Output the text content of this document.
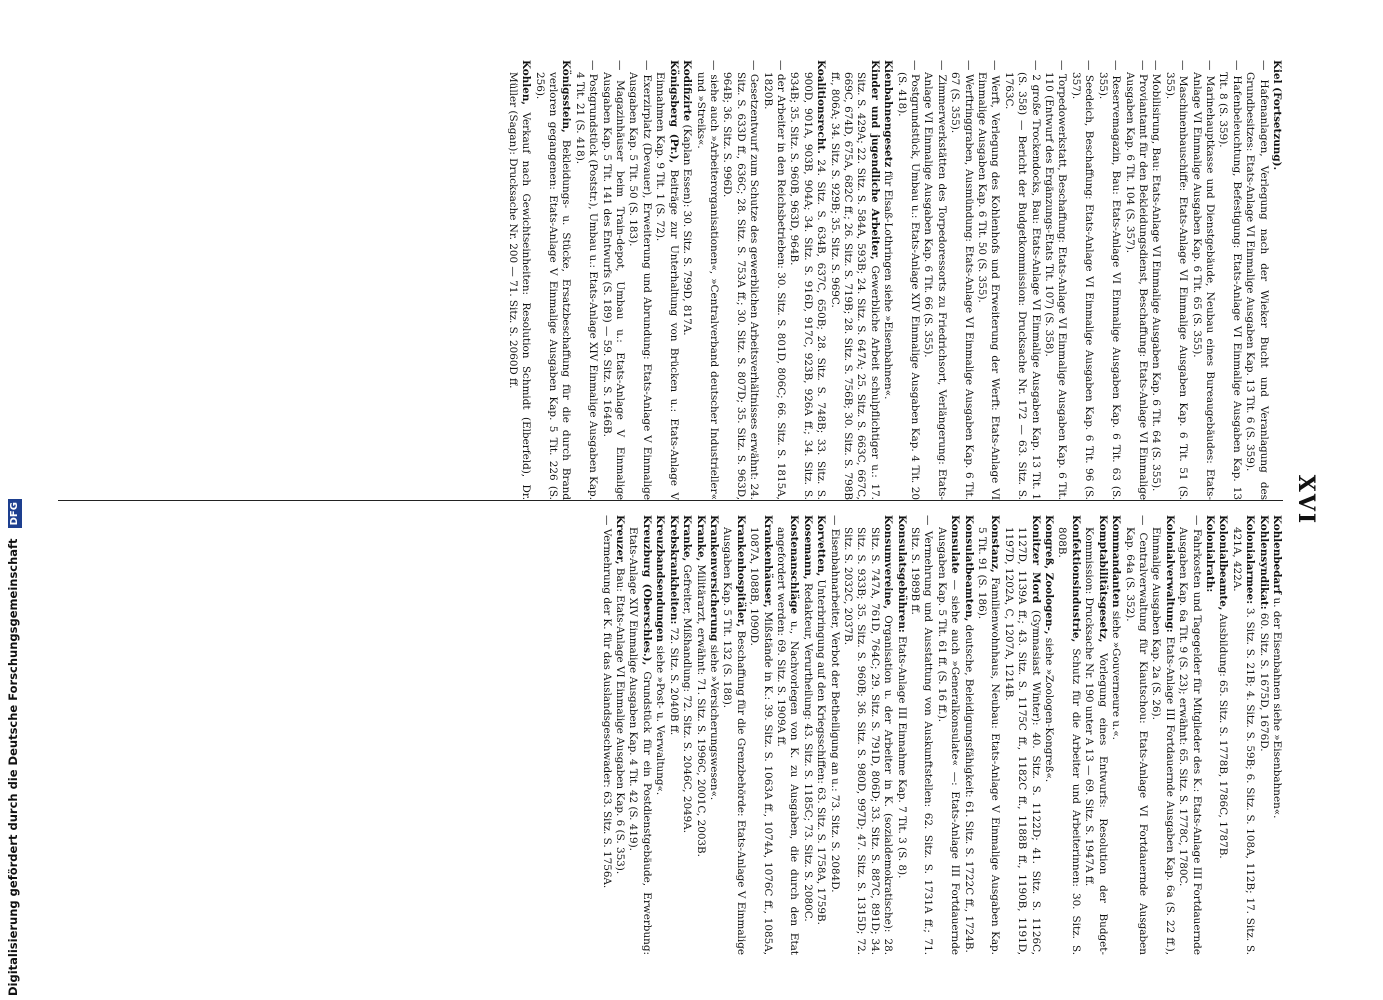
XVI

Kiel (Fortsetzung).

— Hafenanlagen, Verlegung nach der Wieker Bucht und Veranlagung des Grundbesitzes: Etats-Anlage VI Einmalige Ausgaben Kap. 13 Tit. 6 (S. 359).

— Hafenbeleuchtung, Befestigung: Etats-Anlage VI Einmalige Ausgaben Kap. 13 Tit. 8 (S. 359).

— Marinehauptkasse und Dienstgebäude, Neubau eines Bureaugebäudes: Etats-Anlage VI Einmalige Ausgaben Kap. 6 Tit. 65 (S. 355).

— Maschinenbauschiffe: Etats-Anlage VI Einmalige Ausgaben Kap. 6 Tit. 51 (S. 355).

— Mobilisirung, Bau: Etats-Anlage VI Einmalige Ausgaben Kap. 6 Tit. 64 (S. 355).

— Proviantamt für den Bekleidungsdienst, Beschaffung: Etats-Anlage VI Einmalige Ausgaben Kap. 6 Tit. 104 (S. 357).

— Reservemagazin, Bau: Etats-Anlage VI Einmalige Ausgaben Kap. 6 Tit. 63 (S. 355).

— Seedeich, Beschaffung: Etats-Anlage VI Einmalige Ausgaben Kap. 6 Tit. 96 (S. 357).

— Torpedowerkstatt, Beschaffung: Etats-Anlage VI Einmalige Ausgaben Kap. 6 Tit. 110 (Entwurf des Ergänzungs-Etats Tit. 107) (S. 358).

— 2 große Trockendocks, Bau: Etats-Anlage VI Einmalige Ausgaben Kap. 13 Tit. 1 (S. 358) — Bericht der Budgetkommission: Drucksache Nr. 172 — 63. Sitz. S. 1763C.

— Werft, Verlegung des Kohlenhofs und Erweiterung der Werft: Etats-Anlage VI Einmalige Ausgaben Kap. 6 Tit. 50 (S. 355).

— Werftringgraben, Ausmündung: Etats-Anlage VI Einmalige Ausgaben Kap. 6 Tit. 67 (S. 355).

— Zimmerwerkstätten des Torpedoressorts zu Friedrichsort, Verlängerung: Etats-Anlage VI Einmalige Ausgaben Kap. 6 Tit. 66 (S. 355).

— Postgrundstück, Umbau u.: Etats-Anlage XIV Einmalige Ausgaben Kap. 4 Tit. 20 (S. 418).

Kienbahnengesetz für Elsaß-Lothringen siehe »Eisenbahnen«.

Kinder und jugendliche Arbeiter, Gewerbliche Arbeit schulpflichtiger u.: 17. Sitz. S. 429A; 22. Sitz. S. 584A, 593B; 24. Sitz. S. 647A; 25. Sitz. S. 663C, 667C, 669C, 674D, 675A, 682C ff.; 26. Sitz. S. 719B; 28. Sitz. S. 756B; 30. Sitz. S. 798B ff., 806A; 34. Sitz. S. 929B; 35. Sitz. S. 969C.

Koalitionsrecht. 24. Sitz. S. 634B, 637C, 650B; 28. Sitz. S. 748B; 33. Sitz. S. 900D, 901A, 903B, 904A; 34. Sitz. S. 916D, 917C, 923B, 926A ff.; 34. Sitz. S. 934B; 35. Sitz. S. 960B, 963D, 964B.

— der Arbeiter in den Reichsbetrieben: 30. Sitz. S. 801D, 806C; 66. Sitz. S. 1815A, 1820B.

— Gesetzentwurf zum Schutze des gewerblichen Arbeitsverhältnisses erwähnt: 24. Sitz. S. 633D ff., 636C; 28. Sitz. S. 753A ff.; 30. Sitz. S. 807D; 35. Sitz. S. 963D, 964B; 36. Sitz. S. 996D.

— siehe auch »Arbeiterorganisationen«, »Centralverband deutscher Industrieller« und »Streiks«.

Kodifizirte (Kaplan Essen): 30. Sitz. S. 799D, 817A.

Königsberg (Pr.), Beiträge zur Unterhaltung von Brücken u.: Etats-Anlage V Einnahmen Kap. 9 Tit. 1 (S. 72).

— Exerzirplatz (Devauer), Erweiterung und Abrundung: Etats-Anlage V Einmalige Ausgaben Kap. 5 Tit. 50 (S. 183).

— Magazinhäuser beim Train-depot, Umbau u.: Etats-Anlage V Einmalige Ausgaben Kap. 5 Tit. 141 des Entwurfs (S. 189) — 59. Sitz. S. 1646B.

— Postgrundstück (Poststr.), Umbau u.: Etats-Anlage XIV Einmalige Ausgaben Kap. 4 Tit. 21 (S. 418).

Königsstein, Bekleidungs- u. Stücke, Ersatzbeschaffung für die durch Brand verloren gegangenen: Etats-Anlage V Einmalige Ausgaben Kap. 5 Tit. 226 (S. 256).

Kohlen, Verkauf nach Gewichtseinheiten: Resolution Schmidt (Elberfeld), Dr. Müller (Sagan): Drucksache Nr. 200 — 71. Sitz. S. 2060D ff.

Kohlenbedarf u. der Eisenbahnen siehe »Eisenbahnen«.

Kohlensyndikat: 60. Sitz. S. 1675D, 1676D.

Kolonialarmee: 3. Sitz. S. 21B; 4. Sitz. S. 59B; 6. Sitz. S. 108A, 112B; 17. Sitz. S. 421A, 422A.

Kolonialbeamte, Ausbildung: 65. Sitz. S. 1778B, 1786C, 1787B.

Kolonialrath:

— Fahrkosten und Tagegelder für Mitglieder des K.: Etats-Anlage III Fortdauernde Ausgaben Kap. 6a Tit. 9 (S. 23); erwähnt: 65. Sitz. S. 1778C, 1780C.

Kolonialverwaltung: Etats-Anlage III Fortdauernde Ausgaben Kap. 6a (S. 22 ff.), Einmalige Ausgaben Kap. 2a (S. 26).

— Centralverwaltung für Kiautschou: Etats-Anlage VI Fortdauernde Ausgaben Kap. 64a (S. 352).

Kommandanten siehe »Gouverneure u.«.

Komptabilitätsgesetz, Vorlegung eines Entwurfs: Resolution der Budget-Kommission: Drucksache Nr. 190 unter A 13 — 69. Sitz. S. 1947A ff.

Konfektionsindustrie, Schutz für die Arbeiter und Arbeiterinnen: 30. Sitz. S. 808B.

Kongreß, Zoologen-, siehe »Zoologen-Kongreß«.

Konitzer Mord (Gymnasiast Winter): 40. Sitz. S. 1122D; 41. Sitz. S. 1126C, 1127D, 1139A ff.; 43. Sitz. S. 1175C ff., 1182C ff., 1188B ff., 1190B, 1191D, 1197D, 1202A, C, 1207A, 1214B.

Konstanz, Familienwohnhaus, Neubau: Etats-Anlage V Einmalige Ausgaben Kap. 5 Tit. 91 (S. 186).

Konsulatbeamten, deutsche, Beleidigungsfähigkeit: 61. Sitz. S. 1722C ff., 1724B.

Konsulate — siehe auch »Generalkonsulate« —: Etats-Anlage III Fortdauernde Ausgaben Kap. 5 Tit. 61 ff. (S. 16 ff.).

— Vermehrung und Ausstattung von Auskunftstellen: 62. Sitz. S. 1731A ff.; 71. Sitz. S. 1989B ff.

Konsulatsgebühren: Etats-Anlage III Einnahme Kap. 7 Tit. 3 (S. 8).

Konsumvereine, Organisation u. der Arbeiter in K. (sozialdemokratische): 28. Sitz. S. 747A, 761D, 764C; 29. Sitz. S. 791D, 806D; 33. Sitz. S. 887C, 891D; 34. Sitz. S. 933B; 35. Sitz. S. 960B; 36. Sitz. S. 980D, 997D; 47. Sitz. S. 1315D; 72. Sitz. S. 2032C, 2037B.

— Eisenbahnarbeiter, Verbot der Betheiligung an u.: 73. Sitz. S. 2084D.

Korvetten, Unterbringung auf den Kriegsschiffen: 63. Sitz. S. 1758A, 1759B.

Kosemann, Redakteur, Verurtheilung: 43. Sitz. S. 1185C; 73. Sitz. S. 2080C.

Kostenanschläge u., Nachvorlegen von K. zu Ausgaben, die durch den Etat angefordert werden: 69. Sitz. S. 1909A ff.

Krankenhäuser, Mißstände in K.: 39. Sitz. S. 1063A ff., 1074A, 1076C ff., 1085A, 1087A, 1088B, 1090D.

Krankenhospitäler, Beschaffung für die Grenzbehörde: Etats-Anlage V Einmalige Ausgaben Kap. 5 Tit. 132 (S. 188).

Krankenversicherung siehe »Versicherungswesen«.

Kranke, Militärarzt, erwähnt: 71. Sitz. S. 1996C, 2001C, 2003B.

Kranke, Gefreiter, Mißhandlung: 72. Sitz. S. 2046C, 2049A.

Krebskrankheiten: 72. Sitz. S. 2040B ff.

Kreuzbandsendungen siehe »Post- u. Verwaltung«.

Kreuzburg (Oberschles.), Grundstück für ein Postdienstgebäude, Erwerbung: Etats-Anlage XIV Einmalige Ausgaben Kap. 4 Tit. 42 (S. 419).

Kreuzer, Bau: Etats-Anlage VI Einmalige Ausgaben Kap. 6 (S. 353).

— Vermehrung der K. für das Auslandsgeschwader: 63. Sitz. S. 1756A.

Digitalisierung gefördert durch die Deutsche Forschungsgemeinschaft DFG
